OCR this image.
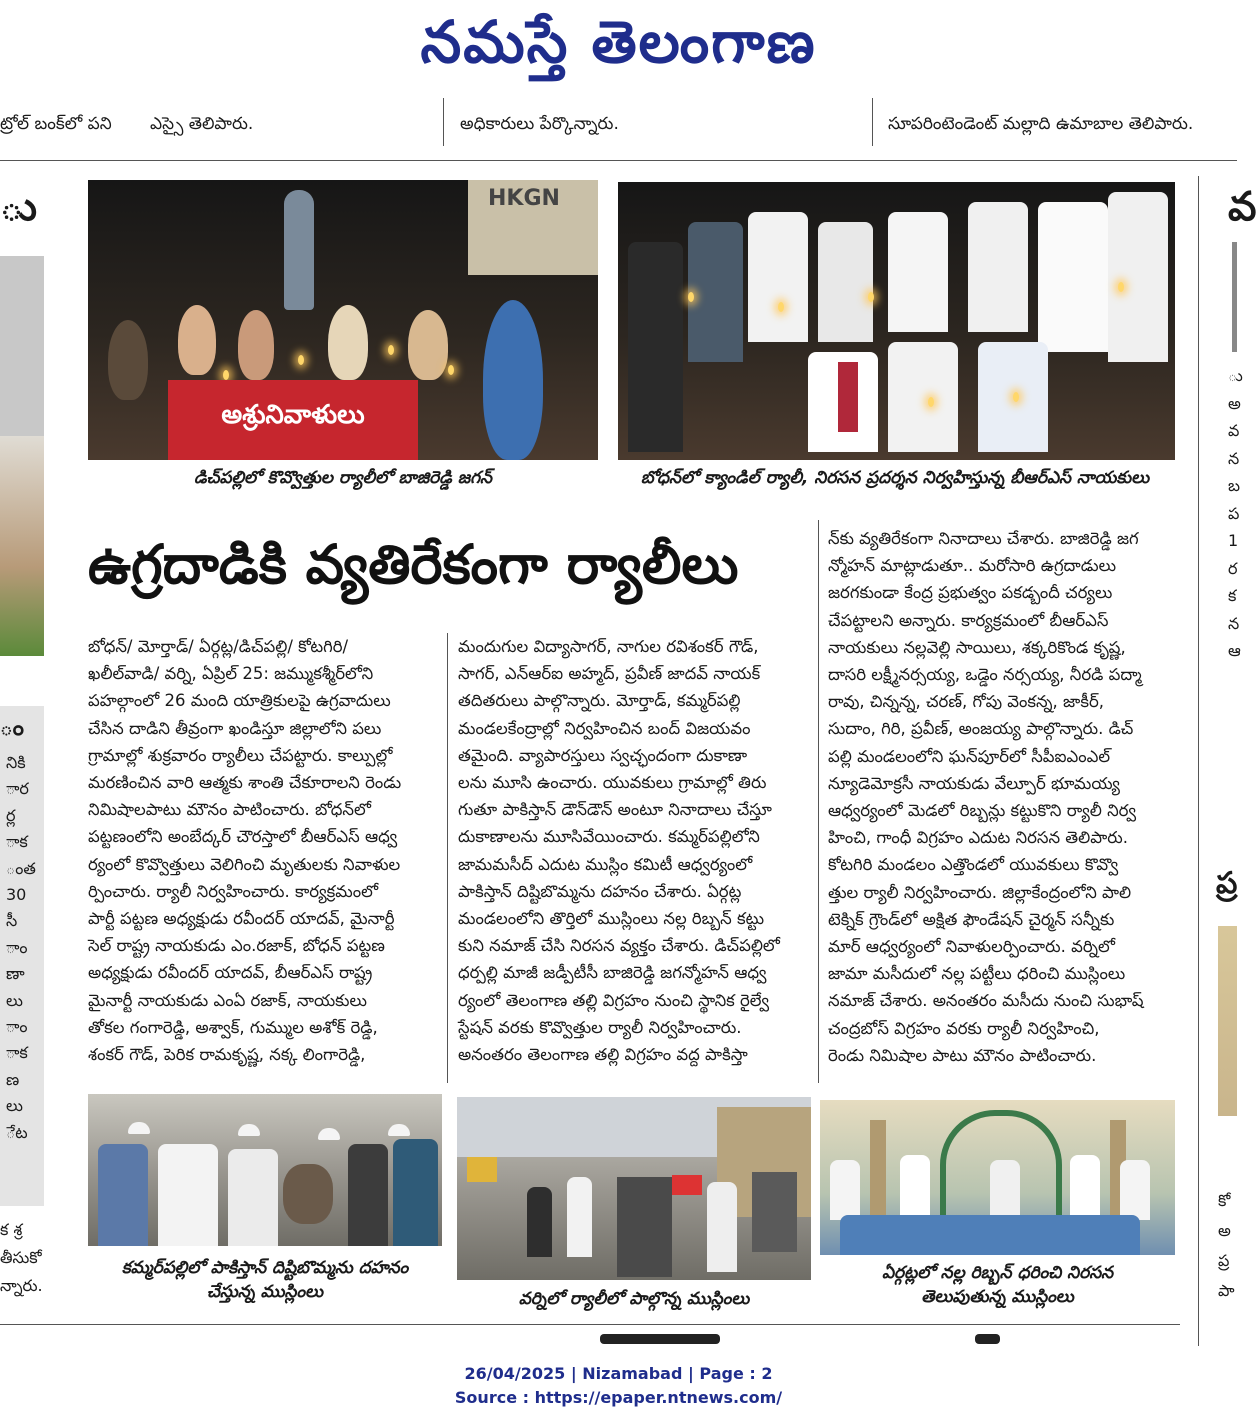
నమస్తే తెలంగాణ
ట్రోల్ బంక్‌లో పని	ఎస్సై తెలిపారు.	అధికారులు పేర్కొన్నారు.	సూపరింటెండెంట్ మల్లాది ఉమాబాల తెలిపారు.
ు
ం
నికి
ార
ర్ల
ాక
ంత
30
సీ
ాం
ణా
లు
ాం
ాక
ణ
లు
ేట
క శ్ర
తీసుకో
న్నారు.
వ
ు
అ
వ
న
బ
ప
1
ర
క
న
ఆ
ప్ర
కో
అ
ప్ర
పా
HKGN
అశ్రునివాళులు
డిచ్‌పల్లిలో కొవ్వొత్తుల ర్యాలీలో బాజిరెడ్డి జగన్	బోధన్‌లో క్యాండిల్ ర్యాలీ, నిరసన ప్రదర్శన నిర్వహిస్తున్న బీఆర్‌ఎస్ నాయకులు
ఉగ్రదాడికి వ్యతిరేకంగా ర్యాలీలు

బోధన్/ మోర్తాడ్/ ఏర్గట్ల/డిచ్‌పల్లి/ కోటగిరి/

ఖలీల్‌వాడి/ వర్ని, ఏప్రిల్ 25: జమ్ముకశ్మీర్‌లోని

పహల్గాంలో 26 మంది యాత్రికులపై ఉగ్రవాదులు

చేసిన దాడిని తీవ్రంగా ఖండిస్తూ జిల్లాలోని పలు

గ్రామాల్లో శుక్రవారం ర్యాలీలు చేపట్టారు. కాల్పుల్లో

మరణించిన వారి ఆత్మకు శాంతి చేకూరాలని రెండు

నిమిషాలపాటు మౌనం పాటించారు. బోధన్‌లో

పట్టణంలోని అంబేద్కర్ చౌరస్తాలో బీఆర్‌ఎస్ ఆధ్వ

ర్యంలో కొవ్వొత్తులు వెలిగించి మృతులకు నివాళుల

ర్పించారు. ర్యాలీ నిర్వహించారు. కార్యక్రమంలో

పార్టీ పట్టణ అధ్యక్షుడు రవీందర్ యాదవ్, మైనార్టీ

సెల్ రాష్ట్ర నాయకుడు ఎం.రజాక్, బోధన్ పట్టణ

అధ్యక్షుడు రవీందర్ యాదవ్, బీఆర్‌ఎస్ రాష్ట్ర

మైనార్టీ నాయకుడు ఎంఏ రజాక్, నాయకులు

తోకల గంగారెడ్డి, అశ్వాక్, గుమ్ముల అశోక్ రెడ్డి,

శంకర్ గౌడ్, పెరిక రామకృష్ణ, నక్క లింగారెడ్డి,

మందుగుల విద్యాసాగర్, నాగుల రవిశంకర్ గౌడ్,

సాగర్, ఎన్‌ఆర్‌ఐ అహ్మద్, ప్రవీణ్ జాదవ్ నాయక్

తదితరులు పాల్గొన్నారు. మోర్తాడ్, కమ్మర్‌పల్లి

మండలకేంద్రాల్లో నిర్వహించిన బంద్ విజయవం

తమైంది. వ్యాపారస్తులు స్వచ్ఛందంగా దుకాణా

లను మూసి ఉంచారు. యువకులు గ్రామాల్లో తిరు

గుతూ పాకిస్తాన్ డౌన్‌డౌన్ అంటూ నినాదాలు చేస్తూ

దుకాణాలను మూసివేయించారు. కమ్మర్‌పల్లిలోని

జామమసీద్ ఎదుట ముస్లిం కమిటీ ఆధ్వర్యంలో

పాకిస్తాన్ దిష్టిబొమ్మను దహనం చేశారు. ఏర్గట్ల

మండలంలోని తొర్తిలో ముస్లింలు నల్ల రిబ్బన్ కట్టు

కుని నమాజ్ చేసి నిరసన వ్యక్తం చేశారు. డిచ్‌పల్లిలో

ధర్పల్లి మాజీ జడ్పీటీసీ బాజిరెడ్డి జగన్మోహన్ ఆధ్వ

ర్యంలో తెలంగాణ తల్లి విగ్రహం నుంచి స్థానిక రైల్వే

స్టేషన్ వరకు కొవ్వొత్తుల ర్యాలీ నిర్వహించారు.

అనంతరం తెలంగాణ తల్లి విగ్రహం వద్ద పాకిస్తా

న్‌కు వ్యతిరేకంగా నినాదాలు చేశారు. బాజిరెడ్డి జగ

న్మోహన్ మాట్లాడుతూ.. మరోసారి ఉగ్రదాడులు

జరగకుండా కేంద్ర ప్రభుత్వం పకడ్బందీ చర్యలు

చేపట్టాలని అన్నారు. కార్యక్రమంలో బీఆర్‌ఎస్

నాయకులు నల్లవెల్లి సాయిలు, శక్కరికొండ కృష్ణ,

దాసరి లక్ష్మీనర్సయ్య, ఒడ్డెం నర్సయ్య, నీరడి పద్మా

రావు, చిన్నన్న, చరణ్, గోపు వెంకన్న, జాకీర్,

సుదాం, గిరి, ప్రవీణ్, అంజయ్య పాల్గొన్నారు. డిచ్

పల్లి మండలంలోని ఘన్‌పూర్‌లో సీపీఐఎంఎల్

న్యూడెమోక్రసీ నాయకుడు వేల్పూర్ భూమయ్య

ఆధ్వర్యంలో మెడలో రిబ్బన్లు కట్టుకొని ర్యాలీ నిర్వ

హించి, గాంధీ విగ్రహం ఎదుట నిరసన తెలిపారు.

కోటగిరి మండలం ఎత్తొండలో యువకులు కొవ్వొ

త్తుల ర్యాలీ నిర్వహించారు. జిల్లాకేంద్రంలోని పాలి

టెక్నిక్ గ్రౌండ్‌లో అక్షిత ఫౌండేషన్ చైర్మన్ సన్నీకు

మార్ ఆధ్వర్యంలో నివాళులర్పించారు. వర్నిలో

జామా మసీదులో నల్ల పట్టీలు ధరించి ముస్లింలు

నమాజ్ చేశారు. అనంతరం మసీదు నుంచి సుభాష్

చంద్రబోస్ విగ్రహం వరకు ర్యాలీ నిర్వహించి,

రెండు నిమిషాల పాటు మౌనం పాటించారు.

కమ్మర్‌పల్లిలో పాకిస్తాన్ దిష్టిబొమ్మను దహనం
చేస్తున్న ముస్లింలు	వర్నిలో ర్యాలీలో పాల్గొన్న ముస్లింలు
ఏర్గట్లలో నల్ల రిబ్బన్ ధరించి నిరసన
తెలుపుతున్న ముస్లింలు
26/04/2025 | Nizamabad | Page : 2
Source : https://epaper.ntnews.com/
